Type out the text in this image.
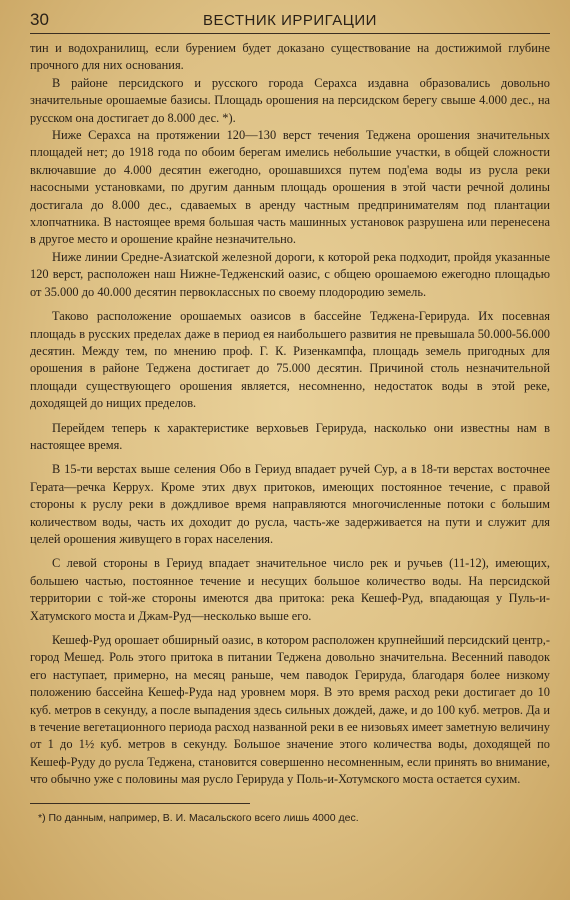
30	ВЕСТНИК ИРРИГАЦИИ

тин и водохранилищ, если бурением будет доказано существование на достижимой глубине прочного для них основания.

В районе персидского и русского города Серахса издавна образовались довольно значительные орошаемые базисы. Площадь орошения на персидском берегу свыше 4.000 дес., на русском она достигает до 8.000 дес. *).

Ниже Серахса на протяжении 120—130 верст течения Теджена орошения значительных площадей нет; до 1918 года по обоим берегам имелись небольшие участки, в общей сложности включавшие до 4.000 десятин ежегодно, орошавшихся путем под'ема воды из русла реки насосными установками, по другим данным площадь орошения в этой части речной долины достигала до 8.000 дес., сдаваемых в аренду частным предпринимателям под плантации хлопчатника. В настоящее время большая часть машинных установок разрушена или перенесена в другое место и орошение крайне незначительно.

Ниже линии Средне-Азиатской железной дороги, к которой река подходит, пройдя указанные 120 верст, расположен наш Нижне-Тедженский оазис, с общею орошаемою ежегодно площадью от 35.000 до 40.000 десятин первокласcных по своему плодородию земель.

Таково расположение орошаемых оазисов в бассейне Теджена-Герируда. Их посевная площадь в русских пределах даже в период ея наибольшего развития не превышала 50.000-56.000 десятин. Между тем, по мнению проф. Г. К. Ризенкампфа, площадь земель пригодных для орошения в районе Теджена достигает до 75.000 десятин. Причиной столь незначительной площади существующего орошения является, несомненно, недостаток воды в этой реке, доходящей до нищих пределов.

Перейдем теперь к характеристике верховьев Герируда, насколько они известны нам в настоящее время.

В 15-ти верстах выше селения Обо в Гериуд впадает ручей Сур, а в 18-ти верстах восточнее Герата—речка Керрух. Кроме этих двух притоков, имеющих постоянное течение, с правой стороны к руслу реки в дождливое время направляются многочисленные потоки с большим количеством воды, часть их доходит до русла, часть-же задерживается на пути и служит для целей орошения живущего в горах населения.

С левой стороны в Гериуд впадает значительное число рек и ручьев (11-12), имеющих, большею частью, постоянное течение и несущих большое количество воды. На персидской территории с той-же стороны имеются два притока: река Кешеф-Руд, впадающая у Пуль-и-Хатумского моста и Джам-Руд—несколько выше его.

Кешеф-Руд орошает обширный оазис, в котором расположен крупнейший персидский центр,-город Мешед. Роль этого притока в питании Теджена довольно значительна. Весенний паводок его наступает, примерно, на месяц раньше, чем паводок Герируда, благодаря более низкому положению бассейна Кешеф-Руда над уровнем моря. В это время расход реки достигает до 10 куб. метров в секунду, а после выпадения здесь сильных дождей, даже, и до 100 куб. метров. Да и в течение вегетационного периода расход названной реки в ее низовьях имеет заметную величину от 1 до 1½ куб. метров в секунду. Большое значение этого количества воды, доходящей по Кешеф-Руду до русла Теджена, становится совершенно несомненным, если принять во внимание, что обычно уже с половины мая русло Герируда у Поль-и-Хотумского моста остается сухим.

*) По данным, например, В. И. Масальского всего лишь 4000 дес.
